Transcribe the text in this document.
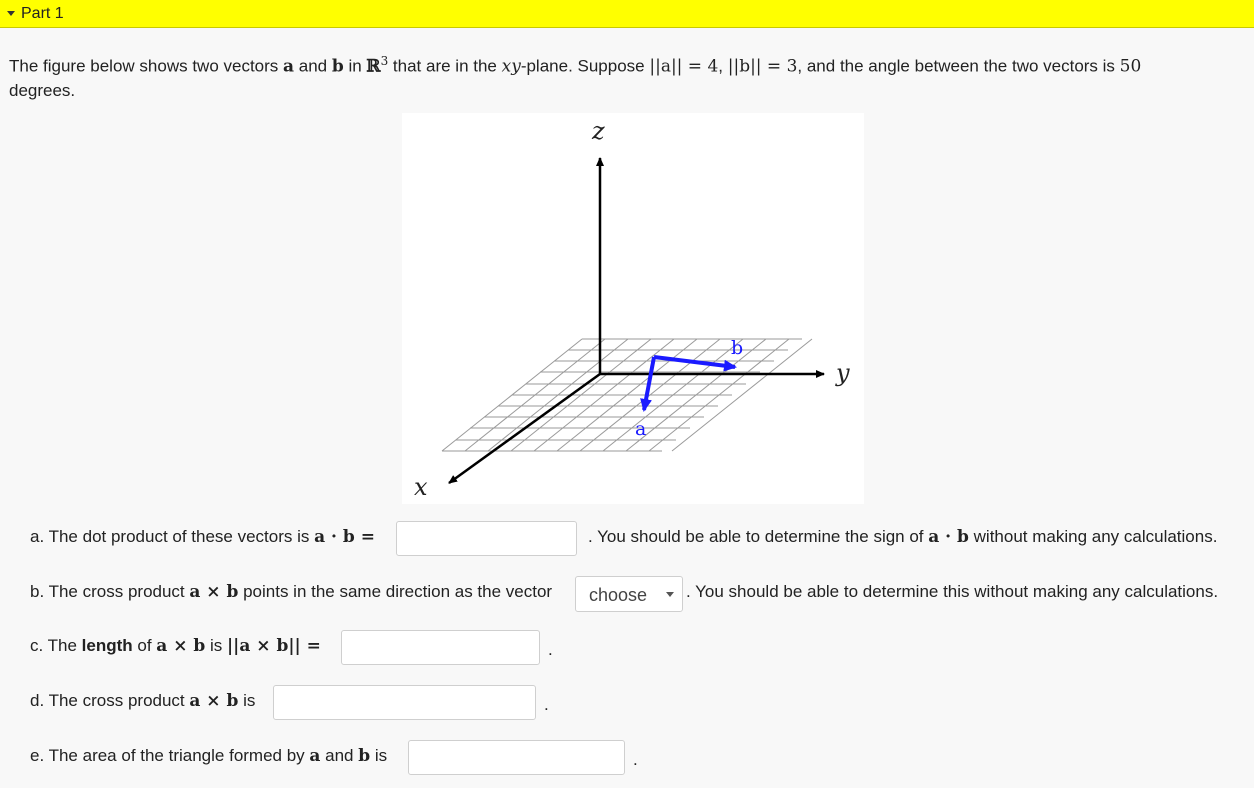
Part 1
The figure below shows two vectors a and b in ℝ$^3$ that are in the xy-plane. Suppose ||a|| = 4, ||b|| = 3, and the angle between the two vectors is 50
degrees.
z
y
x
b
a
a. The dot product of these vectors is a · b =	. You should be able to determine the sign of a · b without making any calculations.
b. The cross product a × b points in the same direction as the vector choose . You should be able to determine this without making any calculations.
c. The length of a × b is ||a × b|| =	.
d. The cross product a × b is	.
e. The area of the triangle formed by a and b is	.
